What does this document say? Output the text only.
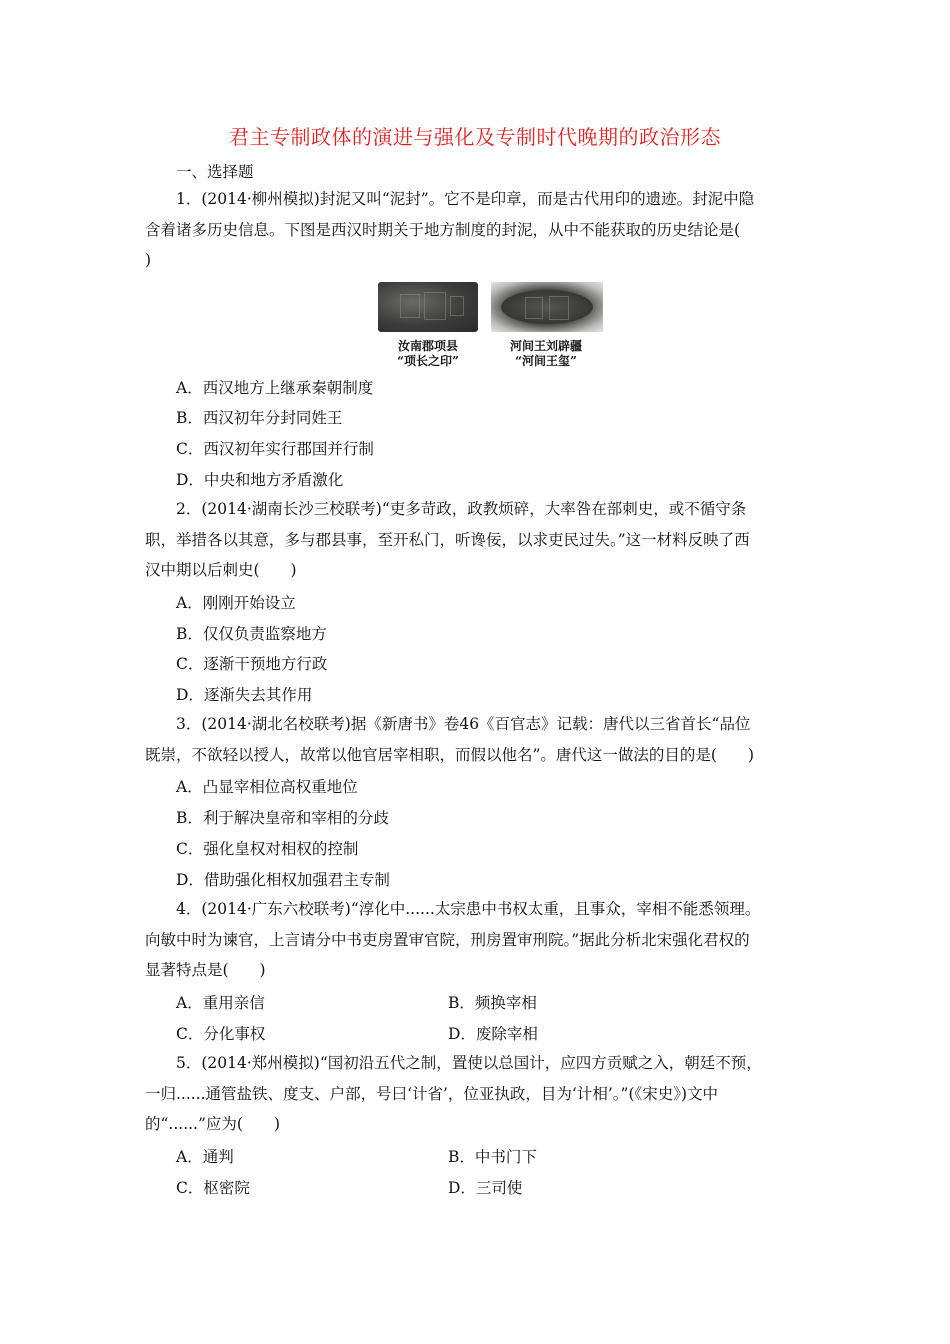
君主专制政体的演进与强化及专制时代晚期的政治形态
一、选择题

1．(2014·柳州模拟)封泥又叫“泥封”。它不是印章，而是古代用印的遗迹。封泥中隐

含着诸多历史信息。下图是西汉时期关于地方制度的封泥，从中不能获取的历史结论是(

)

汝南郡项县
“项长之印”
河间王刘辟疆
“河间王玺”
A．西汉地方上继承秦朝制度
B．西汉初年分封同姓王
C．西汉初年实行郡国并行制
D．中央和地方矛盾激化

2．(2014·湖南长沙三校联考)“吏多苛政，政教烦碎，大率咎在部刺史，或不循守条

职，举措各以其意，多与郡县事，至开私门，听谗佞，以求吏民过失。”这一材料反映了西

汉中期以后刺史(　　)

A．刚刚开始设立
B．仅仅负责监察地方
C．逐渐干预地方行政
D．逐渐失去其作用

3．(2014·湖北名校联考)据《新唐书》卷46《百官志》记载：唐代以三省首长“品位

既崇，不欲轻以授人，故常以他官居宰相职，而假以他名”。唐代这一做法的目的是(　　)

A．凸显宰相位高权重地位
B．利于解决皇帝和宰相的分歧
C．强化皇权对相权的控制
D．借助强化相权加强君主专制

4．(2014·广东六校联考)“淳化中......太宗患中书权太重，且事众，宰相不能悉领理。

向敏中时为谏官，上言请分中书吏房置审官院，刑房置审刑院。”据此分析北宋强化君权的

显著特点是(　　)

A．重用亲信	B．频换宰相
C．分化事权	D．废除宰相

5．(2014·郑州模拟)“国初沿五代之制，置使以总国计，应四方贡赋之入，朝廷不预，

一归......通管盐铁、度支、户部，号曰‘计省’，位亚执政，目为‘计相’。”(《宋史》)文中

的“......”应为(　　)

A．通判	B．中书门下
C．枢密院	D．三司使
